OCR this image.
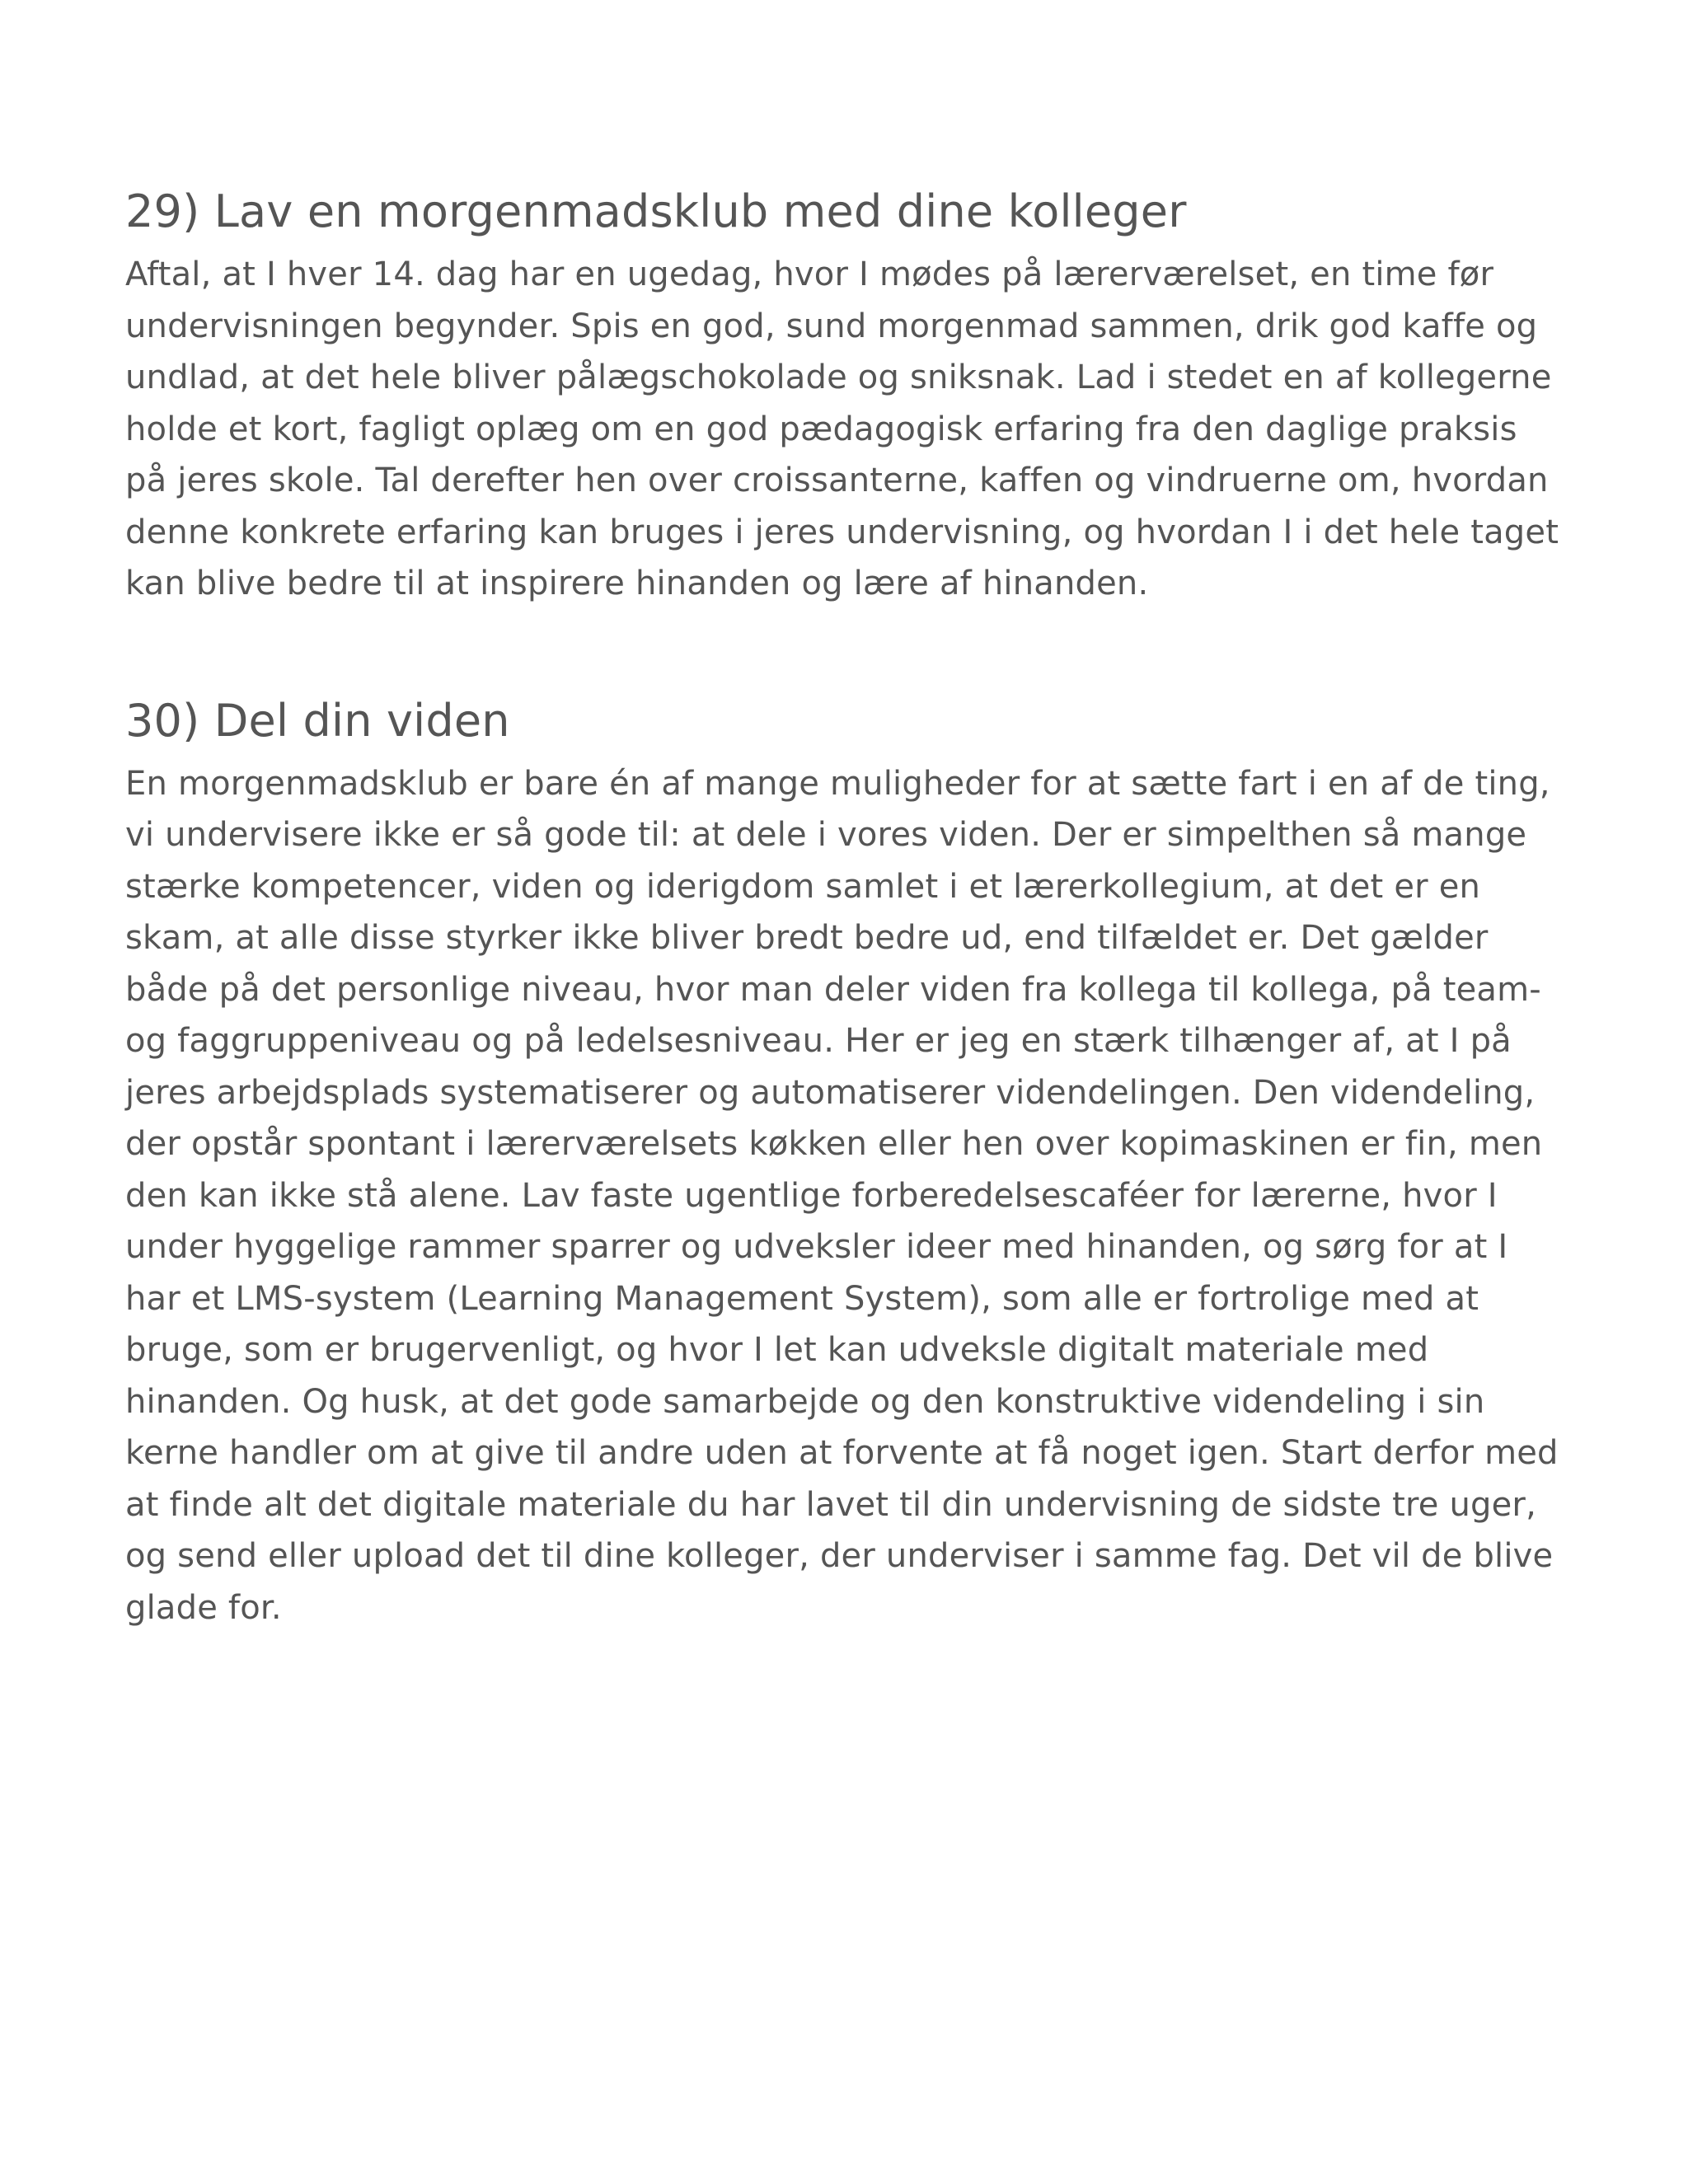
29) Lav en morgenmadsklub med dine kolleger

Aftal, at I hver 14. dag har en ugedag, hvor I mødes på lærerværelset, en time før undervisningen begynder. Spis en god, sund morgenmad sammen, drik god kaffe og undlad, at det hele bliver pålægschokolade og sniksnak. Lad i stedet en af kollegerne holde et kort, fagligt oplæg om en god pædagogisk erfaring fra den daglige praksis på jeres skole. Tal derefter hen over croissanterne, kaffen og vindruerne om, hvordan denne konkrete erfaring kan bruges i jeres undervisning, og hvordan I i det hele taget kan blive bedre til at inspirere hinanden og lære af hinanden.

30) Del din viden

En morgenmadsklub er bare én af mange muligheder for at sætte fart i en af de ting, vi undervisere ikke er så gode til: at dele i vores viden. Der er simpelthen så mange stærke kompetencer, viden og iderigdom samlet i et lærerkollegium, at det er en skam, at alle disse styrker ikke bliver bredt bedre ud, end tilfældet er. Det gælder både på det personlige niveau, hvor man deler viden fra kollega til kollega, på team- og faggruppeniveau og på ledelsesniveau. Her er jeg en stærk tilhænger af, at I på jeres arbejdsplads systematiserer og automatiserer videndelingen. Den videndeling, der opstår spontant i lærerværelsets køkken eller hen over kopimaskinen er fin, men den kan ikke stå alene. Lav faste ugentlige forberedelsescaféer for lærerne, hvor I under hyggelige rammer sparrer og udveksler ideer med hinanden, og sørg for at I har et LMS-system (Learning Management System), som alle er fortrolige med at bruge, som er brugervenligt, og hvor I let kan udveksle digitalt materiale med hinanden. Og husk, at det gode samarbejde og den konstruktive videndeling i sin kerne handler om at give til andre uden at forvente at få noget igen. Start derfor med at finde alt det digitale materiale du har lavet til din undervisning de sidste tre uger, og send eller upload det til dine kolleger, der underviser i samme fag. Det vil de blive glade for.
